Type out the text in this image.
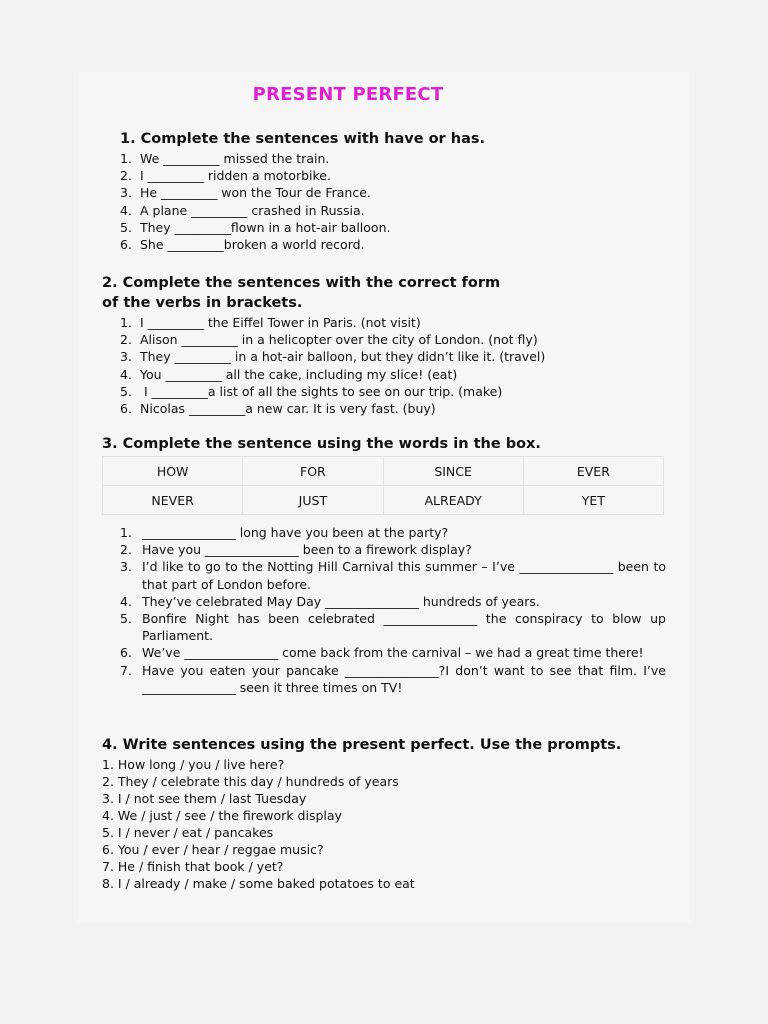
PRESENT PERFECT
1. Complete the sentences with have or has.
1. We _________ missed the train.
2. I _________ ridden a motorbike.
3. He _________ won the Tour de France.
4. A plane _________ crashed in Russia.
5. They _________flown in a hot-air balloon.
6. She _________broken a world record.
2. Complete the sentences with the correct form
of the verbs in brackets.
1. I _________ the Eiffel Tower in Paris. (not visit)
2. Alison _________ in a helicopter over the city of London. (not fly)
3. They _________ in a hot-air balloon, but they didn’t like it. (travel)
4. You _________ all the cake, including my slice! (eat)
5. I _________a list of all the sights to see on our trip. (make)
6. Nicolas _________a new car. It is very fast. (buy)
3. Complete the sentence using the words in the box.
HOW	FOR	SINCE	EVER
NEVER	JUST	ALREADY	YET
1. _______________ long have you been at the party?
2. Have you _______________ been to a firework display?
3. I’d like to go to the Notting Hill Carnival this summer – I’ve _______________ been to that part of London before.
4. They’ve celebrated May Day _______________ hundreds of years.
5. Bonfire Night has been celebrated _______________ the conspiracy to blow up Parliament.
6. We’ve _______________ come back from the carnival – we had a great time there!
7. Have you eaten your pancake _______________?I don’t want to see that film. I’ve _______________ seen it three times on TV!
4. Write sentences using the present perfect. Use the prompts.
1. How long / you / live here?
2. They / celebrate this day / hundreds of years
3. I / not see them / last Tuesday
4. We / just / see / the firework display
5. I / never / eat / pancakes
6. You / ever / hear / reggae music?
7. He / finish that book / yet?
8. I / already / make / some baked potatoes to eat
